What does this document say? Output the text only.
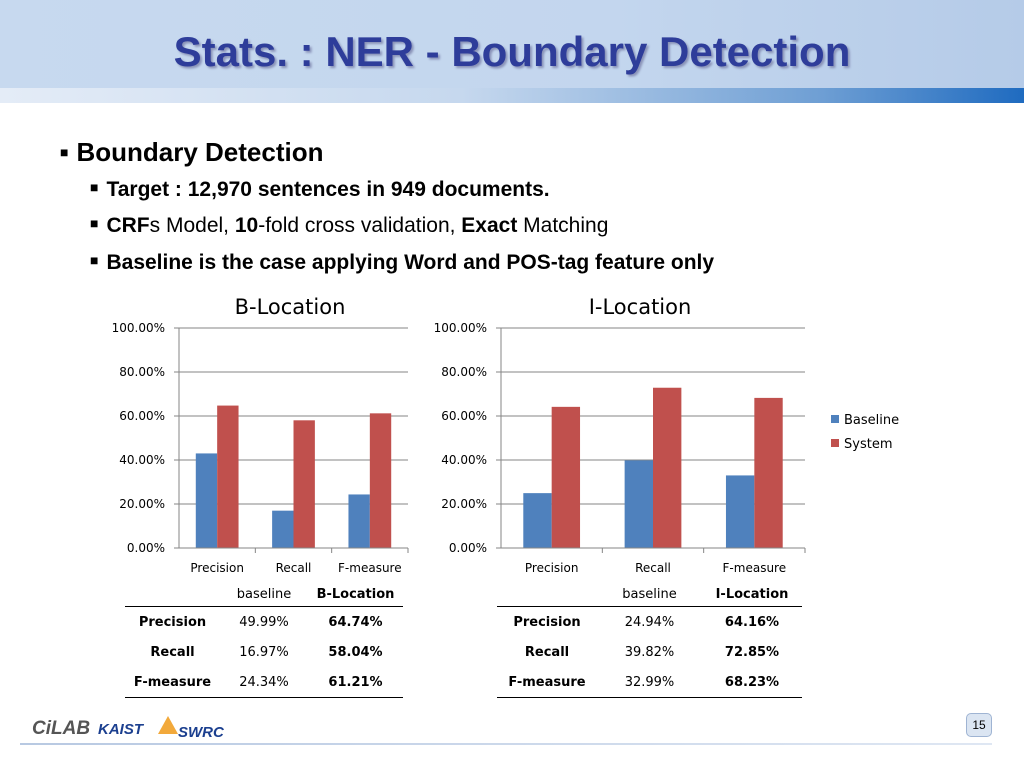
Stats. : NER - Boundary Detection
■ Boundary Detection
■ Target : 12,970 sentences in 949 documents.
■ CRFs Model, 10-fold cross validation, Exact Matching
■ Baseline is the case applying Word and POS-tag feature only
B-Location	I-Location
0.00%
20.00%
40.00%
60.00%
80.00%
100.00%
Precision	Recall F-measure
0.00%
20.00%
40.00%
60.00%
80.00%
100.00%
Precision	Recall	F-measure
Baseline
System
	baseline	B-Location
Precision	49.99%	64.74%
Recall	16.97%	58.04%
F-measure	24.34%	61.21%
	baseline	I-Location
Precision	24.94%	64.16%
Recall	39.82%	72.85%
F-measure	32.99%	68.23%
CiLAB KAIST SWRC	15
